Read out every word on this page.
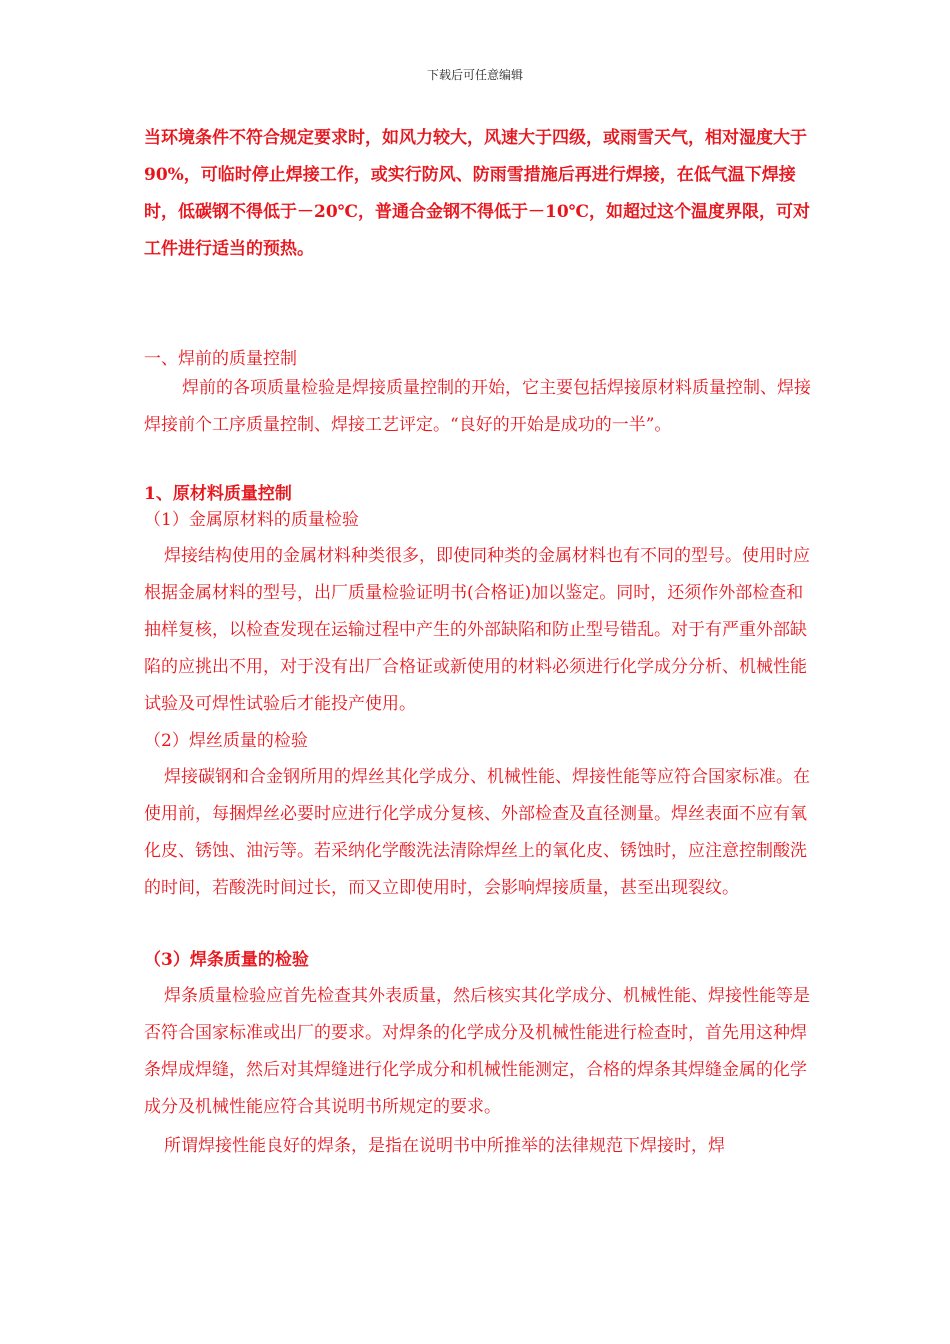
下载后可任意编辑

当环境条件不符合规定要求时，如风力较大，风速大于四级，或雨雪天气，相对湿度大于90%，可临时停止焊接工作，或实行防风、防雨雪措施后再进行焊接，在低气温下焊接时，低碳钢不得低于－20℃，普通合金钢不得低于－10℃，如超过这个温度界限，可对工件进行适当的预热。

一、焊前的质量控制

焊前的各项质量检验是焊接质量控制的开始，它主要包括焊接原材料质量控制、焊接焊接前个工序质量控制、焊接工艺评定。“良好的开始是成功的一半”。

1、原材料质量控制

（1）金属原材料的质量检验

焊接结构使用的金属材料种类很多，即使同种类的金属材料也有不同的型号。使用时应根据金属材料的型号，出厂质量检验证明书(合格证)加以鉴定。同时，还须作外部检查和抽样复核，以检查发现在运输过程中产生的外部缺陷和防止型号错乱。对于有严重外部缺陷的应挑出不用，对于没有出厂合格证或新使用的材料必须进行化学成分分析、机械性能试验及可焊性试验后才能投产使用。

（2）焊丝质量的检验

焊接碳钢和合金钢所用的焊丝其化学成分、机械性能、焊接性能等应符合国家标准。在使用前，每捆焊丝必要时应进行化学成分复核、外部检查及直径测量。焊丝表面不应有氧化皮、锈蚀、油污等。若采纳化学酸洗法清除焊丝上的氧化皮、锈蚀时，应注意控制酸洗的时间，若酸洗时间过长，而又立即使用时，会影响焊接质量，甚至出现裂纹。

（3）焊条质量的检验

焊条质量检验应首先检查其外表质量，然后核实其化学成分、机械性能、焊接性能等是否符合国家标准或出厂的要求。对焊条的化学成分及机械性能进行检查时，首先用这种焊条焊成焊缝，然后对其焊缝进行化学成分和机械性能测定，合格的焊条其焊缝金属的化学成分及机械性能应符合其说明书所规定的要求。

所谓焊接性能良好的焊条，是指在说明书中所推举的法律规范下焊接时，焊
